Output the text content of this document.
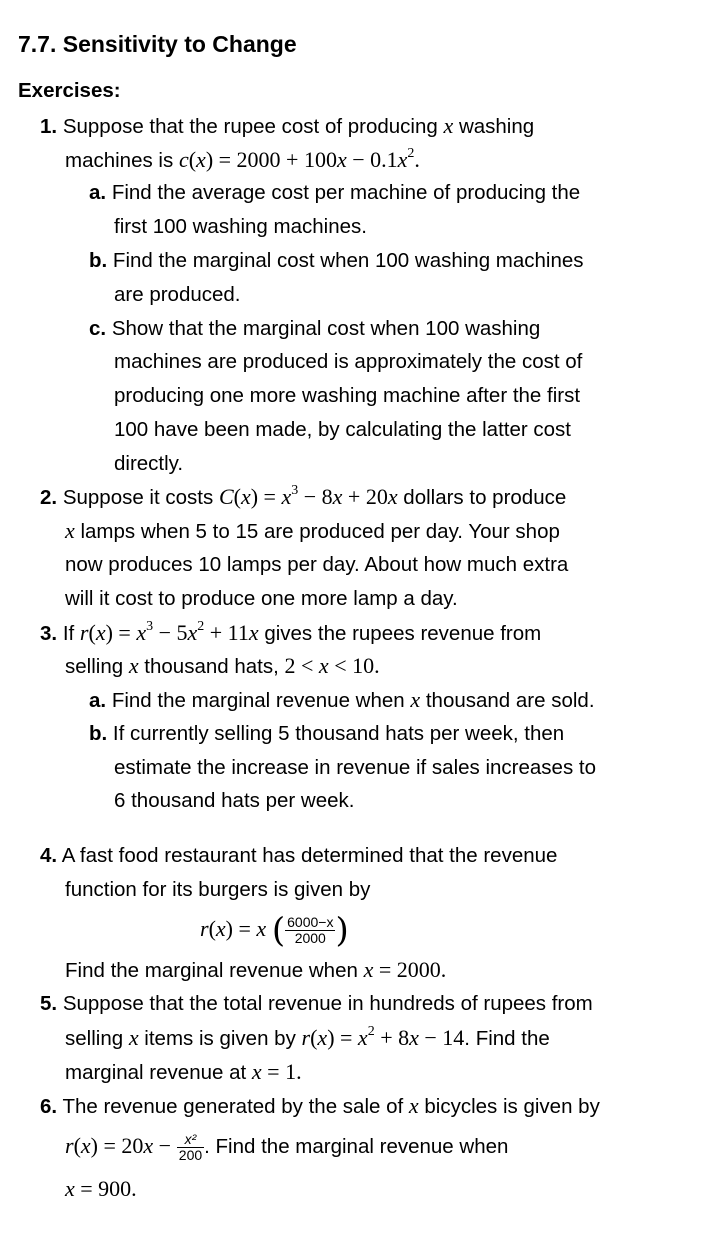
7.7. Sensitivity to Change
Exercises:
1. Suppose that the rupee cost of producing x washing
machines is $c(x) = 2000 + 100x - 0.1x^2$.
a. Find the average cost per machine of producing the
first 100 washing machines.
b. Find the marginal cost when 100 washing machines
are produced.
c. Show that the marginal cost when 100 washing
machines are produced is approximately the cost of
producing one more washing machine after the first
100 have been made, by calculating the latter cost
directly.
2. Suppose it costs $C(x) = x^3 - 8x + 20x$ dollars to produce
x lamps when 5 to 15 are produced per day. Your shop
now produces 10 lamps per day. About how much extra
will it cost to produce one more lamp a day.
3. If $r(x) = x^3 - 5x^2 + 11x$ gives the rupees revenue from
selling x thousand hats, 2 < x < 10.
a. Find the marginal revenue when x thousand are sold.
b. If currently selling 5 thousand hats per week, then
estimate the increase in revenue if sales increases to
6 thousand hats per week.
4. A fast food restaurant has determined that the revenue
function for its burgers is given by
r(x) = x ( $\frac{6000-x}{2000}$ )
Find the marginal revenue when x = 2000.
5. Suppose that the total revenue in hundreds of rupees from
selling x items is given by $r(x) = x^2 + 8x - 14$. Find the
marginal revenue at x = 1.
6. The revenue generated by the sale of x bicycles is given by
$r(x) = 20x - \frac{\text{x²}}{200}$ . Find the marginal revenue when
x = 900.
